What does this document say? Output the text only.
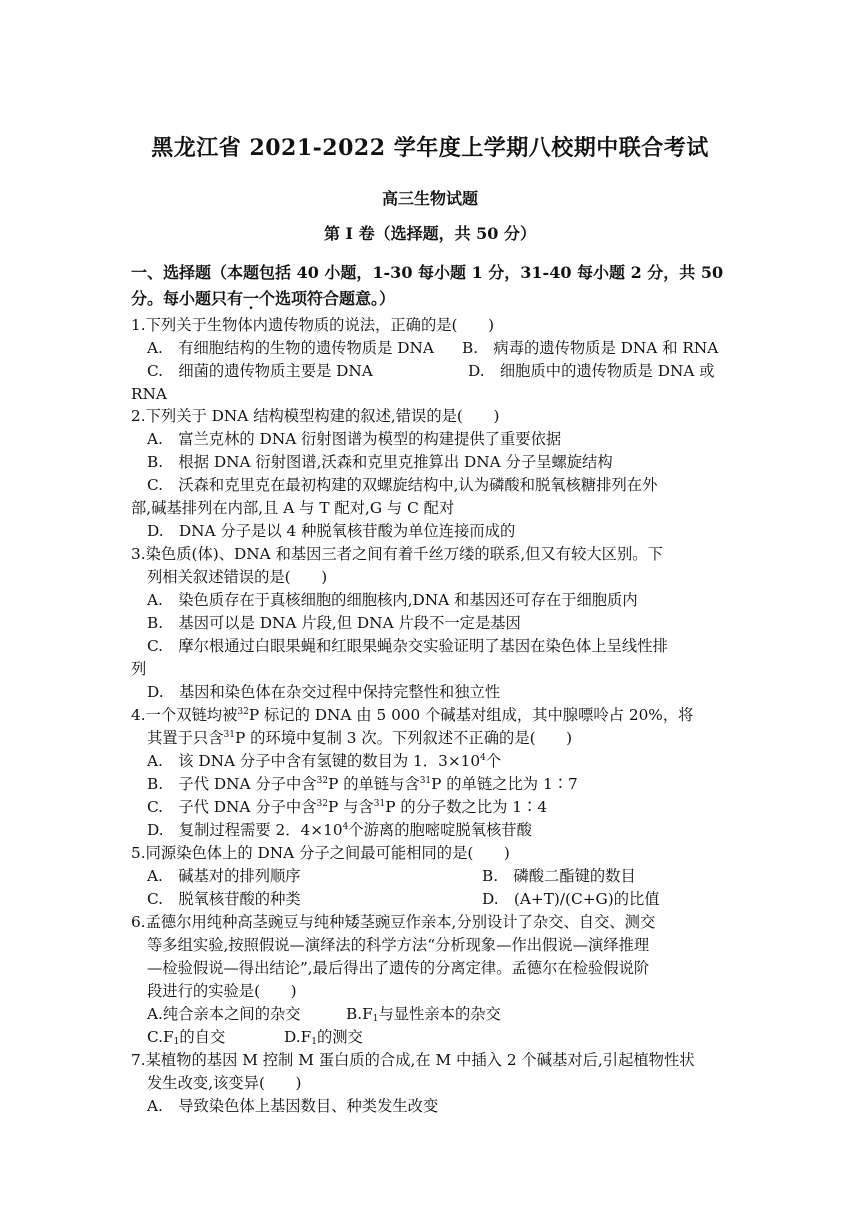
黑龙江省 2021-2022 学年度上学期八校期中联合考试
高三生物试题
第 I 卷（选择题，共 50 分）
一、选择题（本题包括 40 小题，1-30 每小题 1 分，31-40 每小题 2 分，共 50
分。每小题只有一个选项符合题意。）
1.下列关于生物体内遗传物质的说法，正确的是(　　)
A.　有细胞结构的生物的遗传物质是 DNA B.　病毒的遗传物质是 DNA 和 RNA
C.　细菌的遗传物质主要是 DNA	D.　细胞质中的遗传物质是 DNA 或
RNA
2.下列关于 DNA 结构模型构建的叙述,错误的是(　　)
A.　富兰克林的 DNA 衍射图谱为模型的构建提供了重要依据
B.　根据 DNA 衍射图谱,沃森和克里克推算出 DNA 分子呈螺旋结构
C.　沃森和克里克在最初构建的双螺旋结构中,认为磷酸和脱氧核糖排列在外
部,碱基排列在内部,且 A 与 T 配对,G 与 C 配对
D.　DNA 分子是以 4 种脱氧核苷酸为单位连接而成的
3.染色质(体)、DNA 和基因三者之间有着千丝万缕的联系,但又有较大区别。下
列相关叙述错误的是(　　)
A.　染色质存在于真核细胞的细胞核内,DNA 和基因还可存在于细胞质内
B.　基因可以是 DNA 片段,但 DNA 片段不一定是基因
C.　摩尔根通过白眼果蝇和红眼果蝇杂交实验证明了基因在染色体上呈线性排
列
D.　基因和染色体在杂交过程中保持完整性和独立性
4.一个双链均被$^{32}$P 标记的 DNA 由 5 000 个碱基对组成，其中腺嘌呤占 20%，将
其置于只含$^{31}$P 的环境中复制 3 次。下列叙述不正确的是(　　)
A.　该 DNA 分子中含有氢键的数目为 1．$3\times 10^4$个
B.　子代 DNA 分子中含$^{32}$P 的单链与含$^{31}$P 的单链之比为 1∶7
C.　子代 DNA 分子中含$^{32}$P 与含$^{31}$P 的分子数之比为 1∶4
D.　复制过程需要 2．$4\times 10^4$个游离的胞嘧啶脱氧核苷酸
5.同源染色体上的 DNA 分子之间最可能相同的是(　　)
A.　碱基对的排列顺序	B.　磷酸二酯键的数目
C.　脱氧核苷酸的种类	D.　(A+T)/(C+G)的比值
6.孟德尔用纯种高茎豌豆与纯种矮茎豌豆作亲本,分别设计了杂交、自交、测交
等多组实验,按照假说—演绎法的科学方法“分析现象—作出假说—演绎推理
—检验假说—得出结论”,最后得出了遗传的分离定律。孟德尔在检验假说阶
段进行的实验是(　　)
A.纯合亲本之间的杂交	$B.F_1$与显性亲本的杂交
$C.F_1$的自交	$D.F_1$的测交
7.某植物的基因 M 控制 M 蛋白质的合成,在 M 中插入 2 个碱基对后,引起植物性状
发生改变,该变异(　　)
A.　导致染色体上基因数目、种类发生改变
